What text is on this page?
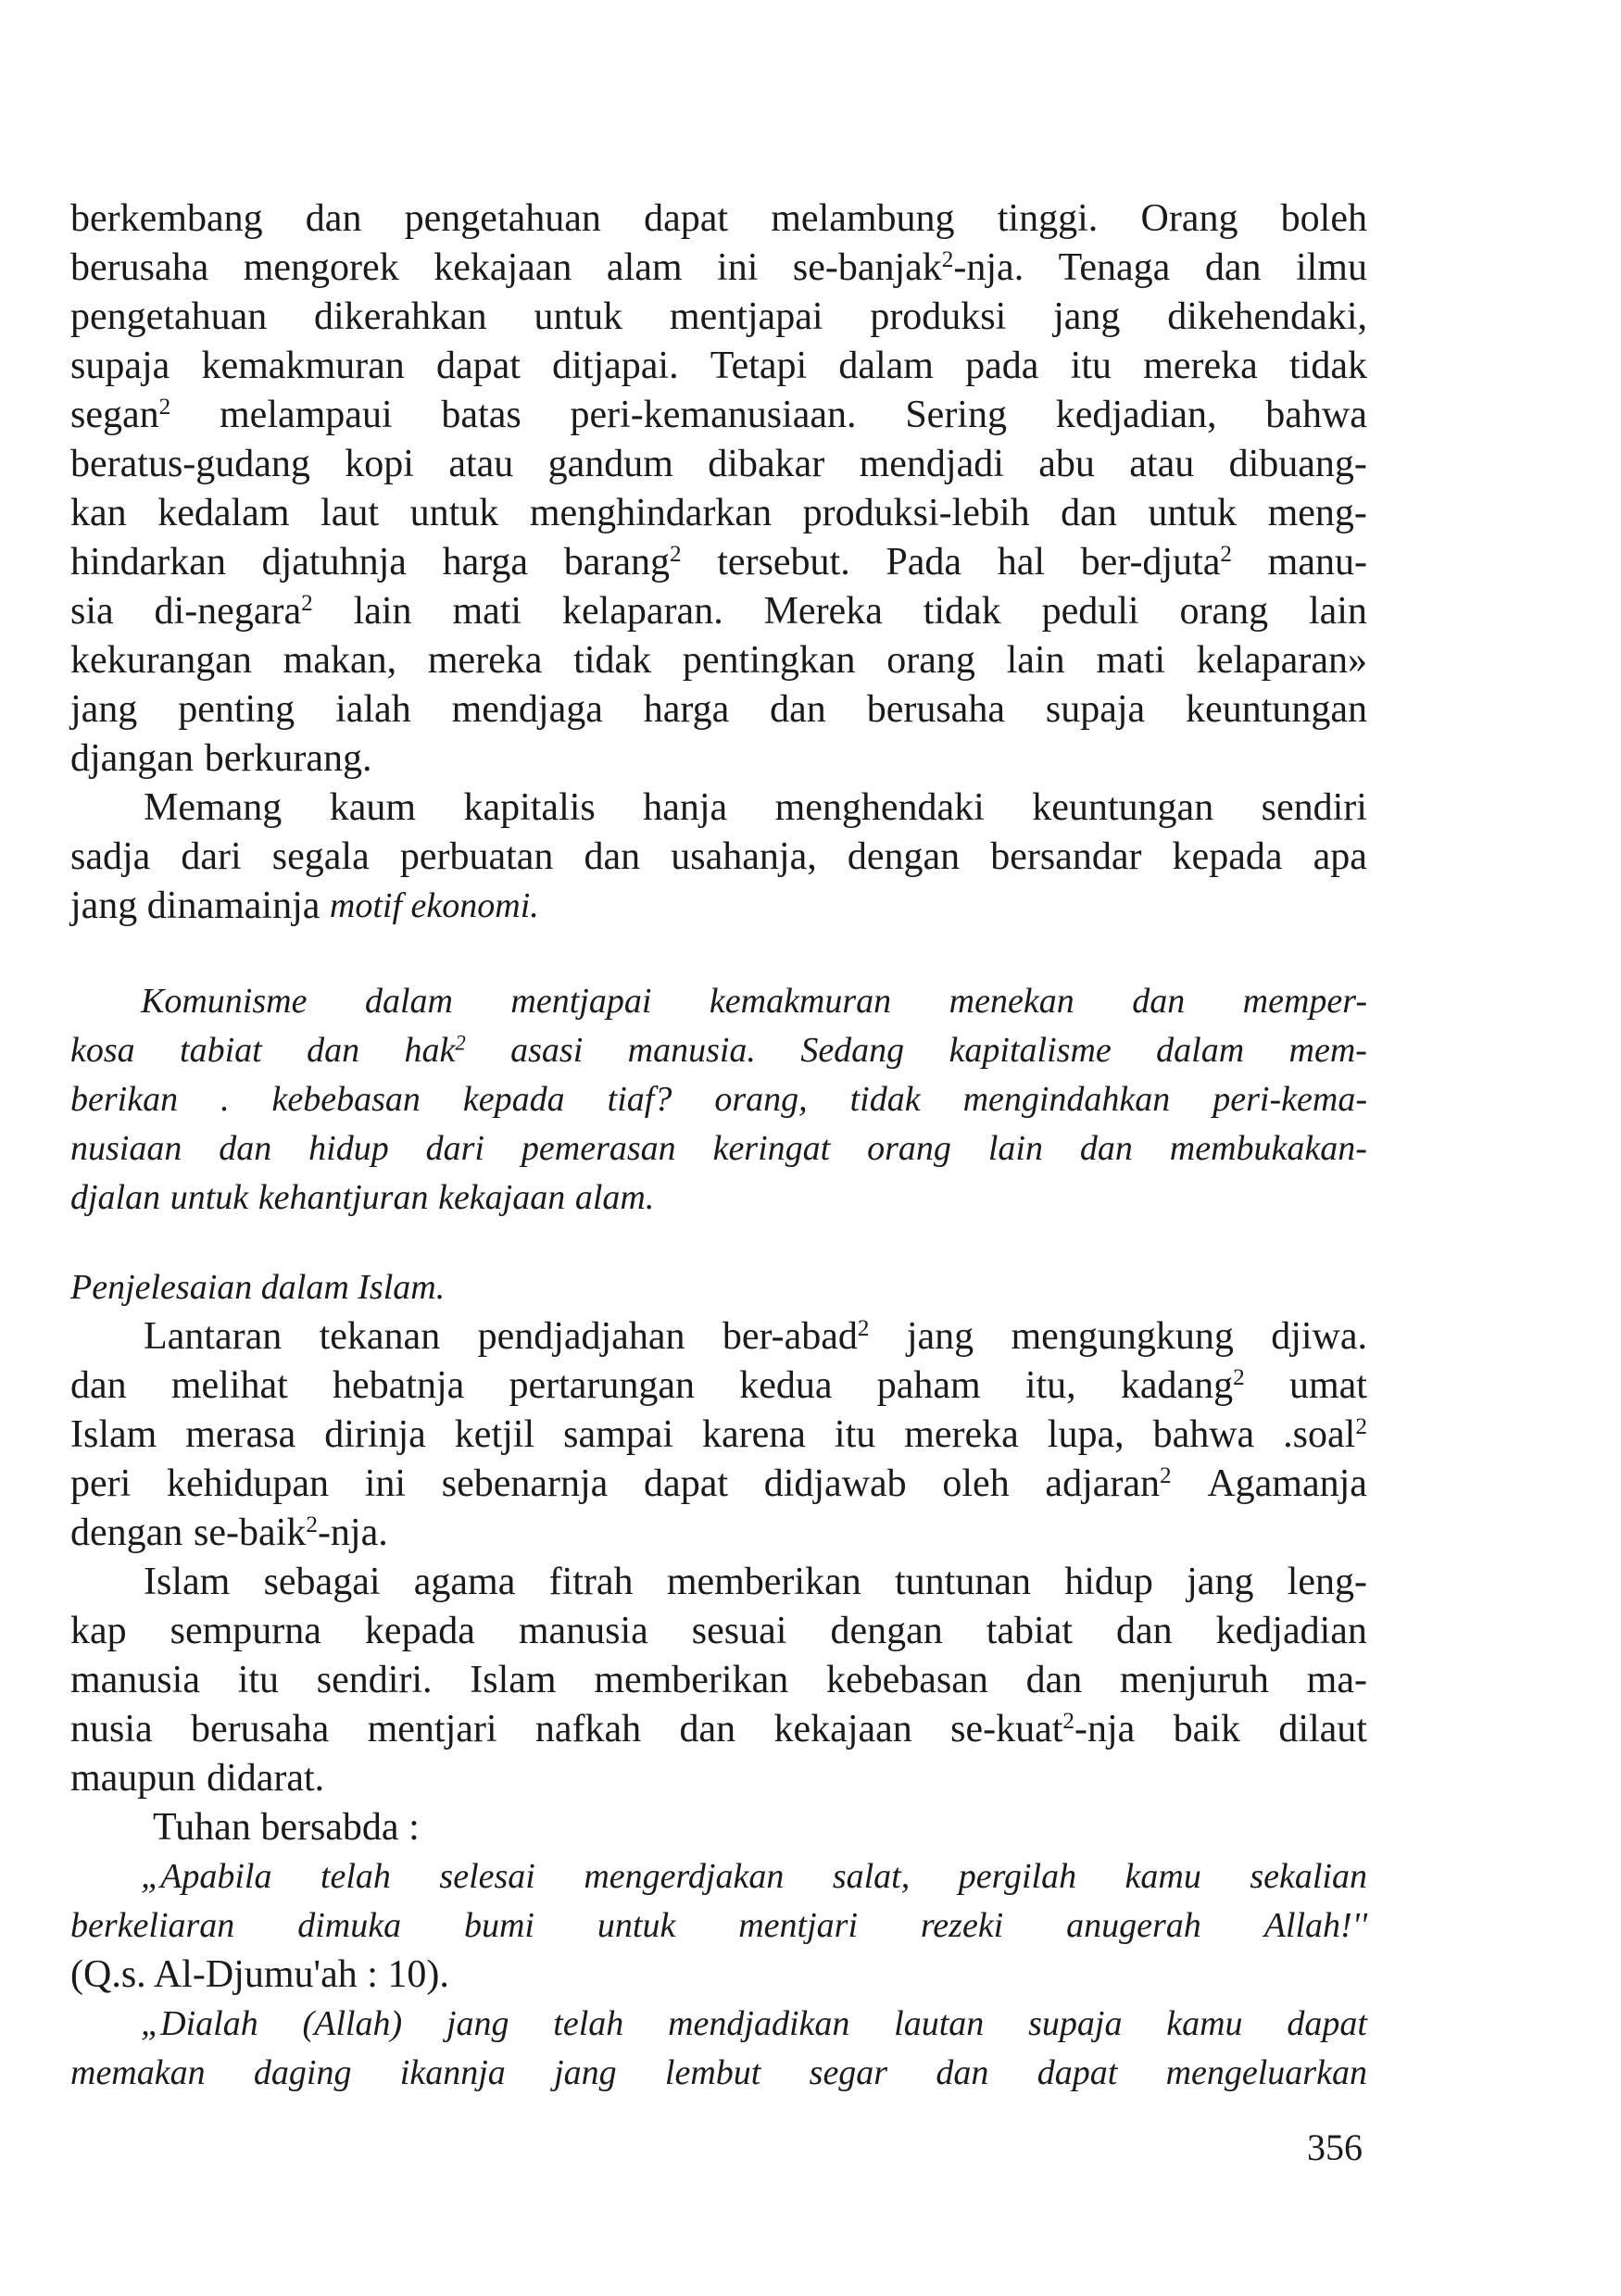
berkembang dan pengetahuan dapat melambung tinggi. Orang boleh
berusaha mengorek kekajaan alam ini se-banjak$^2$-nja. Tenaga dan ilmu
pengetahuan dikerahkan untuk mentjapai produksi jang dikehendaki,
supaja kemakmuran dapat ditjapai. Tetapi dalam pada itu mereka tidak
segan$^2$ melampaui batas peri-kemanusiaan. Sering kedjadian, bahwa
beratus-gudang kopi atau gandum dibakar mendjadi abu atau dibuang-
kan kedalam laut untuk menghindarkan produksi-lebih dan untuk meng-
hindarkan djatuhnja harga barang$^2$ tersebut. Pada hal ber-djuta$^2$ manu-
sia di-negara$^2$ lain mati kelaparan. Mereka tidak peduli orang lain
kekurangan makan, mereka tidak pentingkan orang lain mati kelaparan»
jang penting ialah mendjaga harga dan berusaha supaja keuntungan
djangan berkurang.
Memang kaum kapitalis hanja menghendaki keuntungan sendiri
sadja dari segala perbuatan dan usahanja, dengan bersandar kepada apa
jang dinamainja
motif ekonomi.
Komunisme dalam mentjapai kemakmuran menekan dan memper-
kosa tabiat dan hak$^2$ asasi manusia. Sedang kapitalisme dalam mem-
berikan . kebebasan kepada tiaf? orang, tidak mengindahkan peri-kema-
nusiaan dan hidup dari pemerasan keringat orang lain dan membukakan-
djalan untuk kehantjuran kekajaan alam.
Penjelesaian dalam Islam.
Lantaran tekanan pendjadjahan ber-abad$^2$ jang mengungkung djiwa.
dan melihat hebatnja pertarungan kedua paham itu, kadang$^2$ umat
Islam merasa dirinja ketjil sampai karena itu mereka lupa, bahwa .soal$^2$
peri kehidupan ini sebenarnja dapat didjawab oleh adjaran$^2$ Agamanja
dengan se-baik$^2$-nja.
Islam sebagai agama fitrah memberikan tuntunan hidup jang leng-
kap sempurna kepada manusia sesuai dengan tabiat dan kedjadian
manusia itu sendiri. Islam memberikan kebebasan dan menjuruh ma-
nusia berusaha mentjari nafkah dan kekajaan se-kuat$^2$-nja baik dilaut
maupun didarat.
Tuhan bersabda :
„Apabila telah selesai mengerdjakan salat, pergilah kamu sekalian
berkeliaran dimuka bumi untuk mentjari rezeki anugerah Allah!''
(Q.s. Al-Djumu'ah : 10).
„Dialah (Allah) jang telah mendjadikan lautan supaja kamu dapat
memakan daging ikannja jang lembut segar dan dapat mengeluarkan
356
